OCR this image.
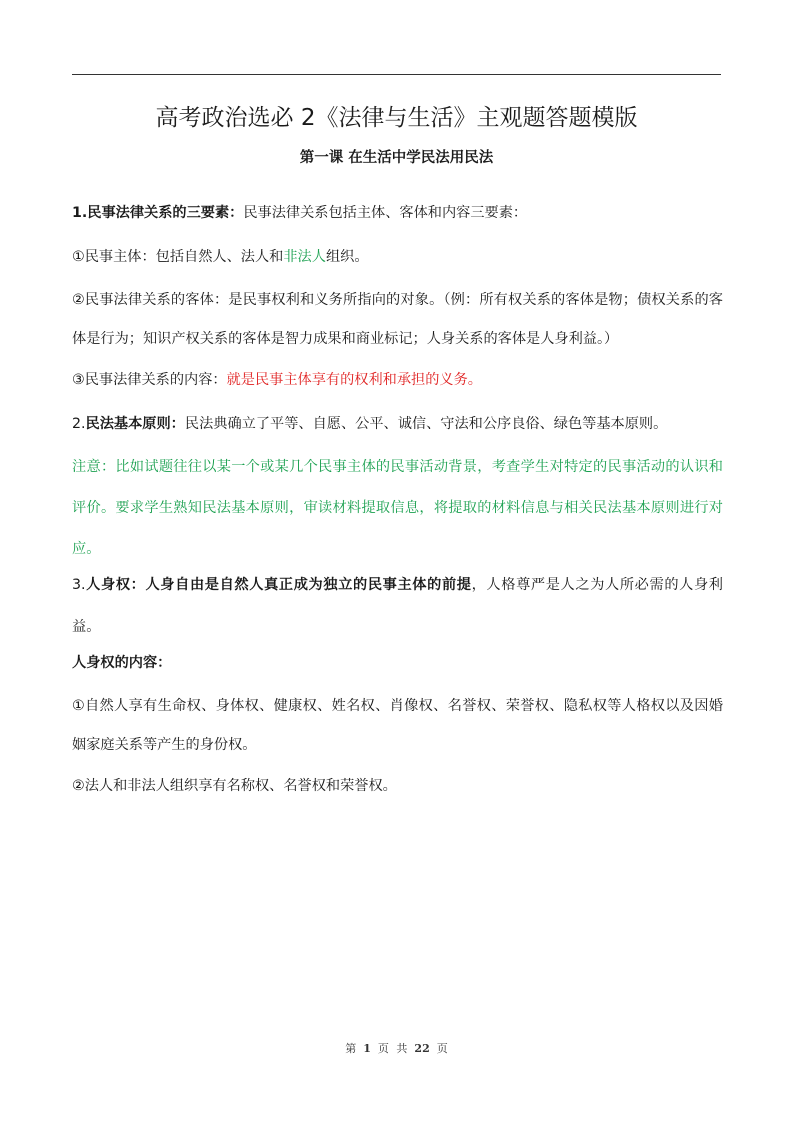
高考政治选必 2《法律与生活》主观题答题模版
第一课 在生活中学民法用民法

1.民事法律关系的三要素：民事法律关系包括主体、客体和内容三要素：

①民事主体：包括自然人、法人和非法人组织。

②民事法律关系的客体：是民事权利和义务所指向的对象。（例：所有权关系的客体是物；债权关系的客体是行为；知识产权关系的客体是智力成果和商业标记；人身关系的客体是人身利益。）

③民事法律关系的内容：就是民事主体享有的权利和承担的义务。

2.民法基本原则：民法典确立了平等、自愿、公平、诚信、守法和公序良俗、绿色等基本原则。

注意：比如试题往往以某一个或某几个民事主体的民事活动背景，考查学生对特定的民事活动的认识和评价。要求学生熟知民法基本原则，审读材料提取信息，将提取的材料信息与相关民法基本原则进行对应。

3.人身权：人身自由是自然人真正成为独立的民事主体的前提，人格尊严是人之为人所必需的人身利益。

人身权的内容：

①自然人享有生命权、身体权、健康权、姓名权、肖像权、名誉权、荣誉权、隐私权等人格权以及因婚姻家庭关系等产生的身份权。

②法人和非法人组织享有名称权、名誉权和荣誉权。

第 1 页 共 22 页
